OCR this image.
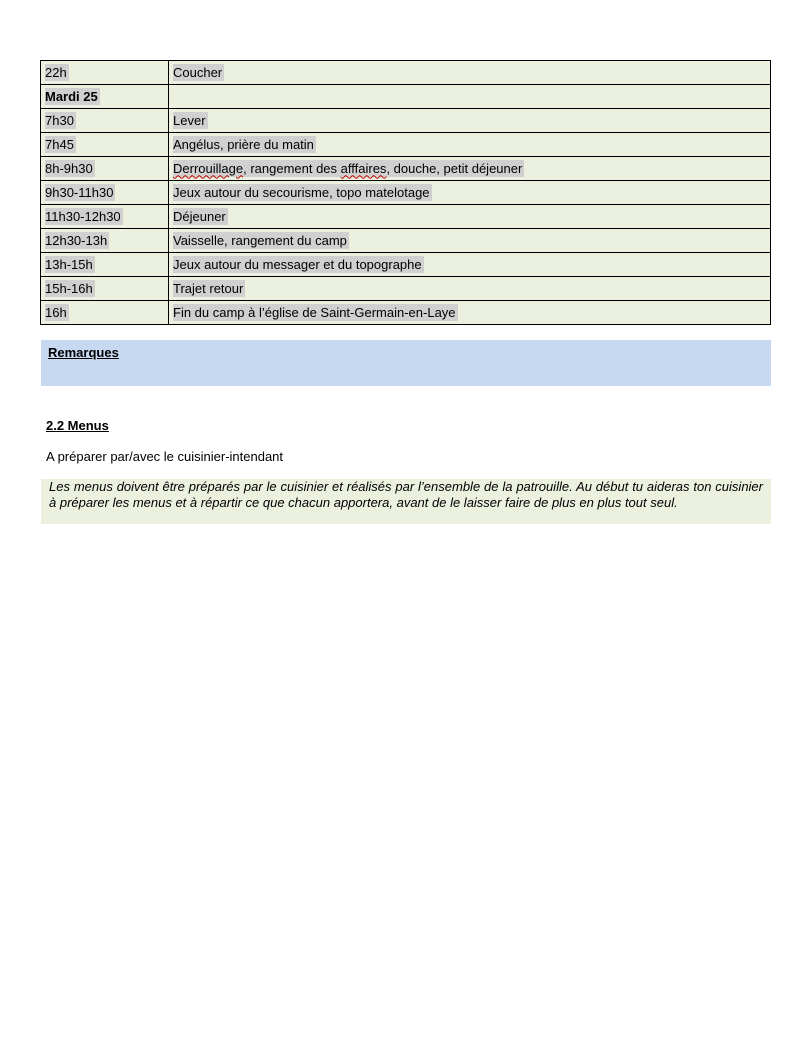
22h	Coucher
Mardi 25	
7h30	Lever
7h45	Angélus, prière du matin
8h-9h30	Derrouillage, rangement des afffaires, douche, petit déjeuner
9h30-11h30	Jeux autour du secourisme, topo matelotage
11h30-12h30	Déjeuner
12h30-13h	Vaisselle, rangement du camp
13h-15h	Jeux autour du messager et du topographe
15h-16h	Trajet retour
16h	Fin du camp à l’église de Saint-Germain-en-Laye
Remarques
2.2 Menus
A préparer par/avec le cuisinier-intendant
Les menus doivent être préparés par le cuisinier et réalisés par l’ensemble de la patrouille. Au début tu aideras ton cuisinier à préparer les menus et à répartir ce que chacun apportera, avant de le laisser faire de plus en plus tout seul.
